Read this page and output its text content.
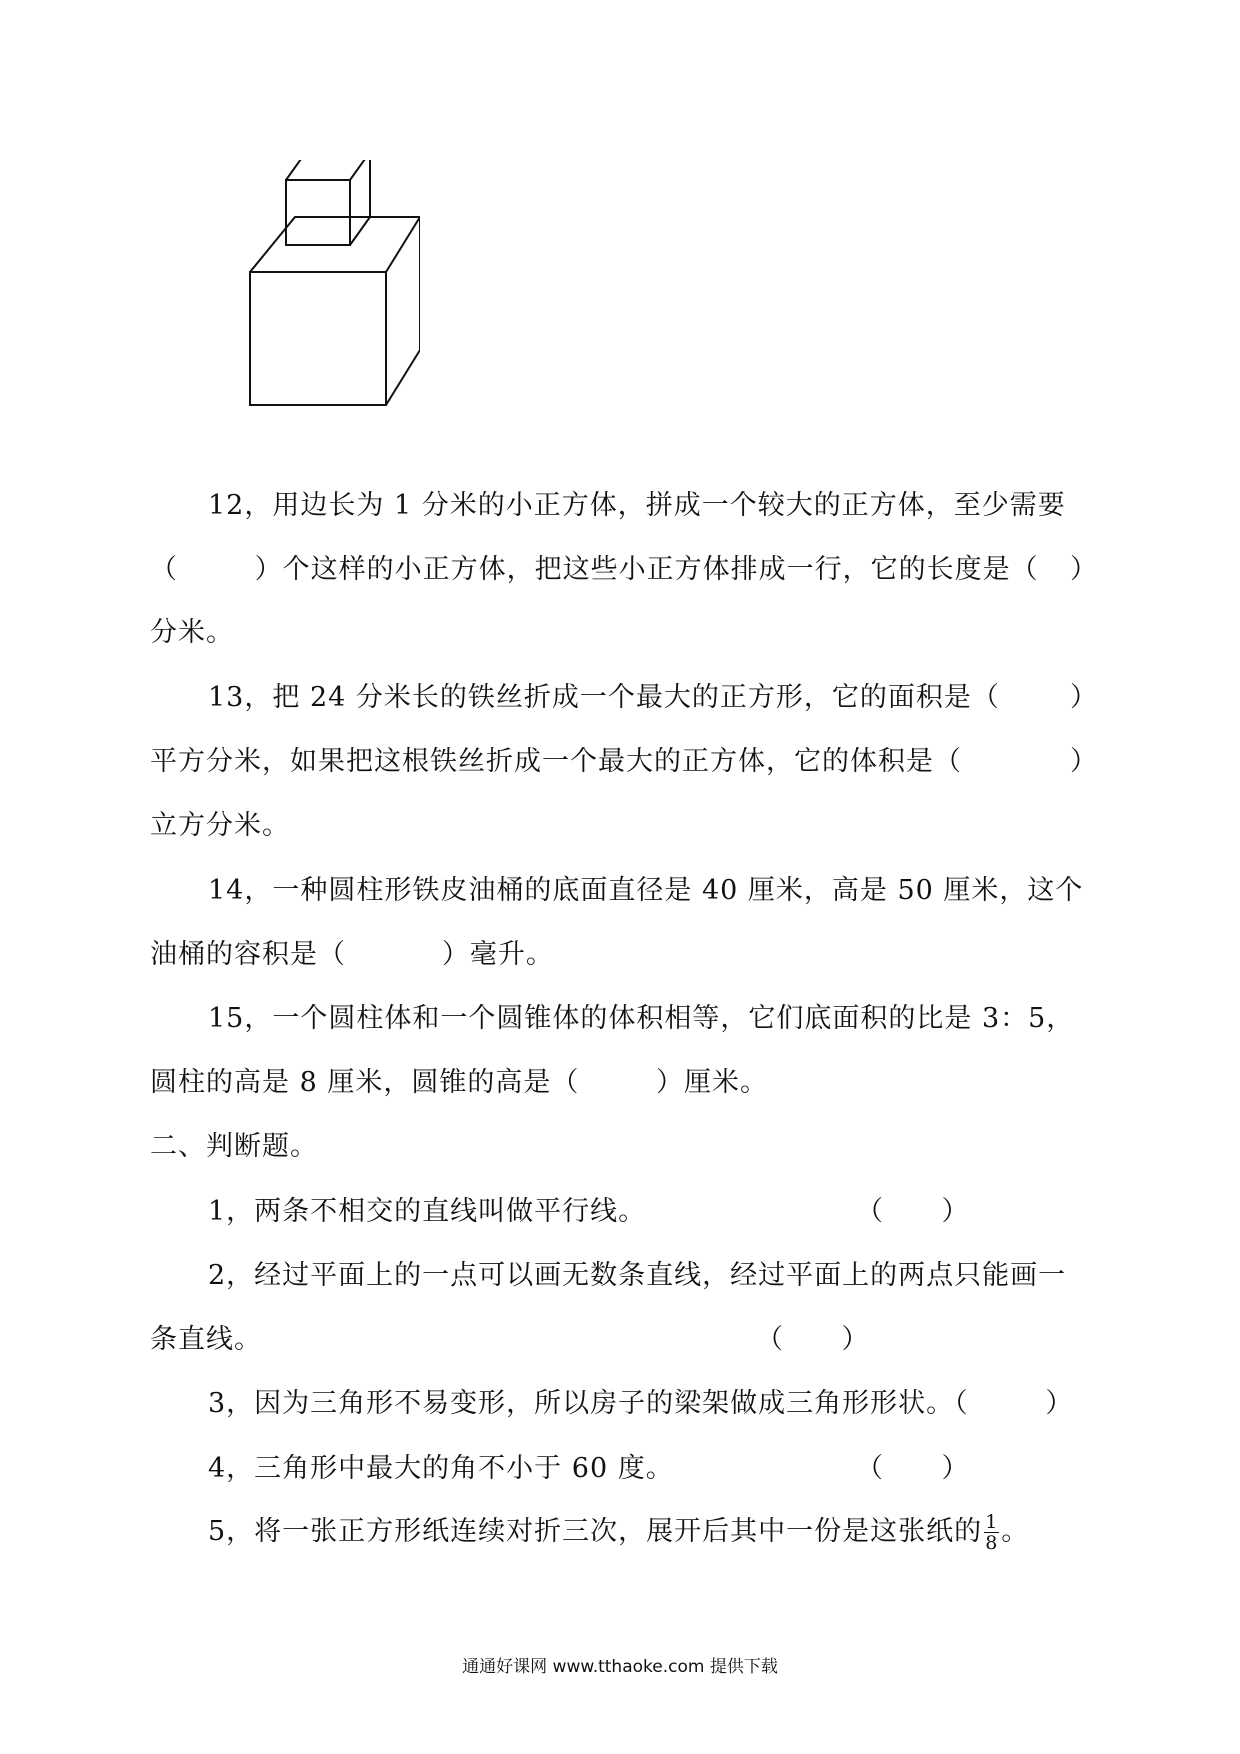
12，用边长为 1 分米的小正方体，拼成一个较大的正方体，至少需要
（        ）个这样的小正方体，把这些小正方体排成一行，它的长度是（ ）
分米。
13，把 24 分米长的铁丝折成一个最大的正方形，它的面积是（	）
平方分米，如果把这根铁丝折成一个最大的正方体，它的体积是（	）
立方分米。
14，一种圆柱形铁皮油桶的底面直径是 40 厘米，高是 50 厘米，这个
油桶的容积是（          ）毫升。
15，一个圆柱体和一个圆锥体的体积相等，它们底面积的比是 3：5，
圆柱的高是 8 厘米，圆锥的高是（        ）厘米。
二、判断题。
1，两条不相交的直线叫做平行线。	（      ）
2，经过平面上的一点可以画无数条直线，经过平面上的两点只能画一
条直线。	（      ）
3，因为三角形不易变形，所以房子的梁架做成三角形形状。（        ）
4，三角形中最大的角不小于 60 度。	（      ）
5，将一张正方形纸连续对折三次，展开后其中一份是这张纸的 $\frac{1}{8}$ 。
通通好课网 www.tthaoke.com 提供下载
